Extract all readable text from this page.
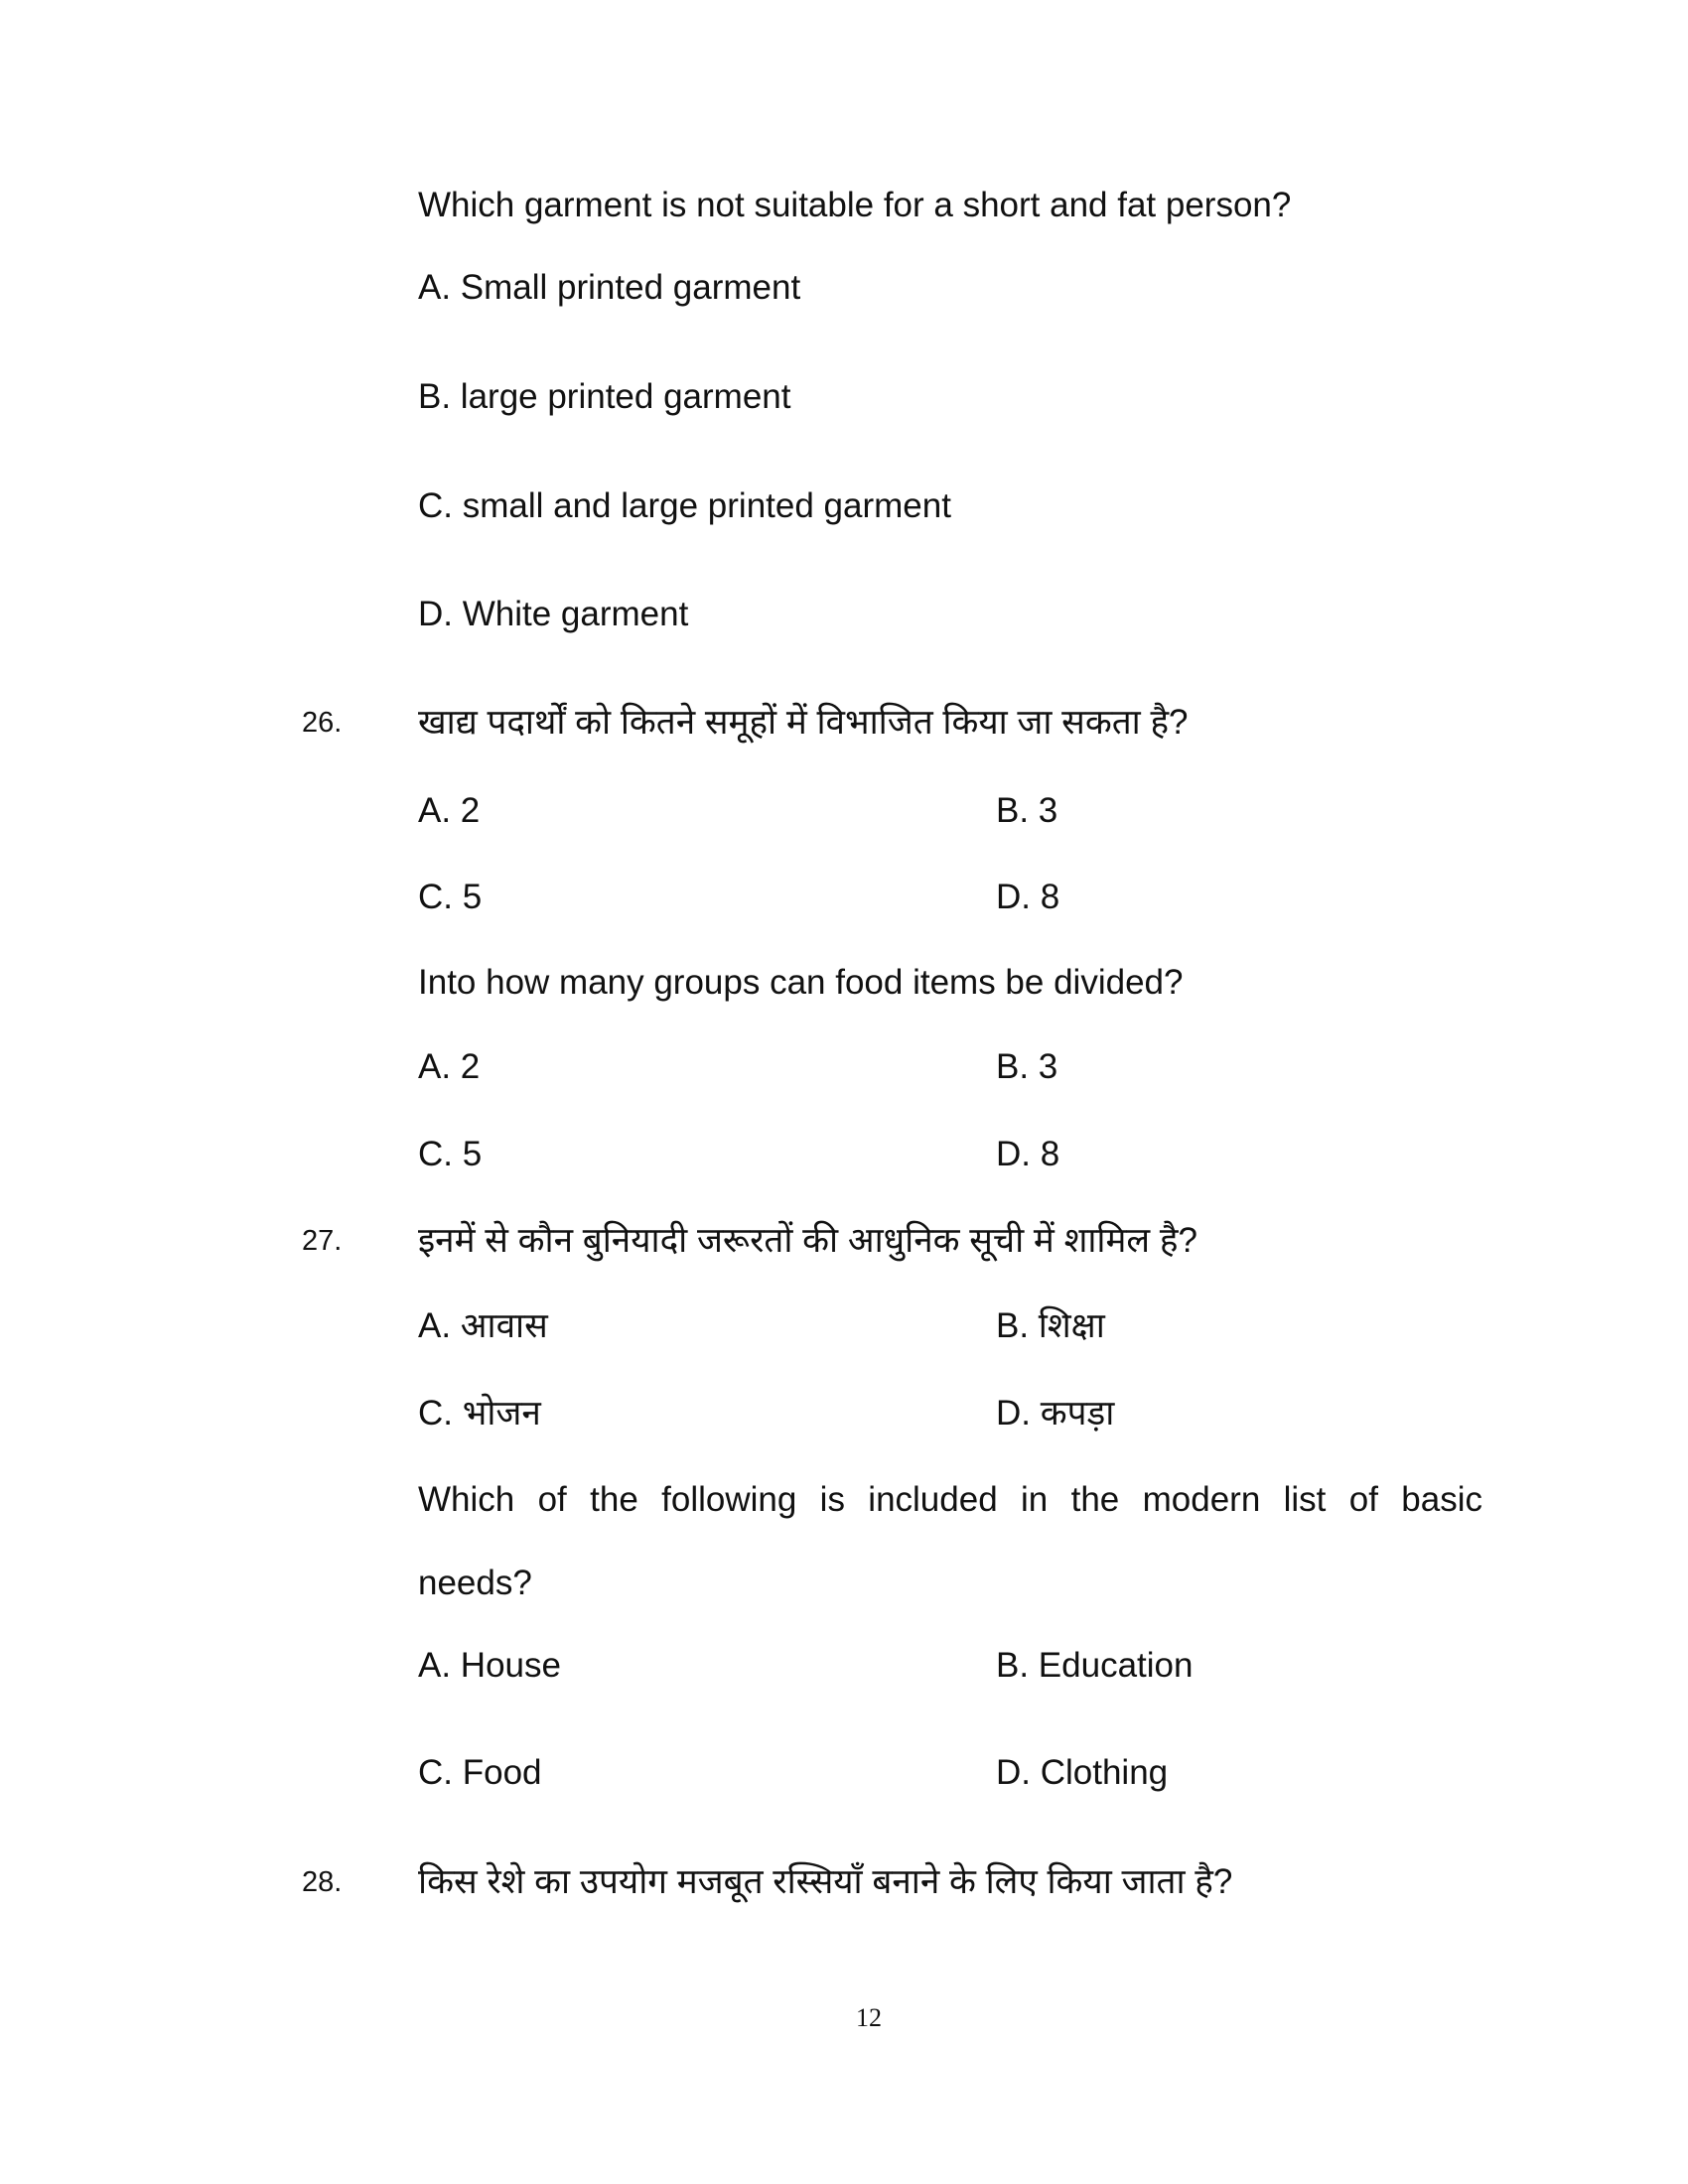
Which garment is not suitable for a short and fat person?
A. Small printed garment
B. large printed garment
C. small and large printed garment
D. White garment
26. खाद्य पदार्थों को कितने समूहों में विभाजित किया जा सकता है?
A. 2	B. 3
C. 5	D. 8
Into how many groups can food items be divided?
A. 2	B. 3
C. 5	D. 8
27. इनमें से कौन बुनियादी जरूरतों की आधुनिक सूची में शामिल है?
A. आवास	B. शिक्षा
C. भोजन	D. कपड़ा
Which of the following is included in the modern list of basic
needs?
A. House	B. Education
C. Food	D. Clothing
28. किस रेशे का उपयोग मजबूत रस्सियाँ बनाने के लिए किया जाता है?
12
